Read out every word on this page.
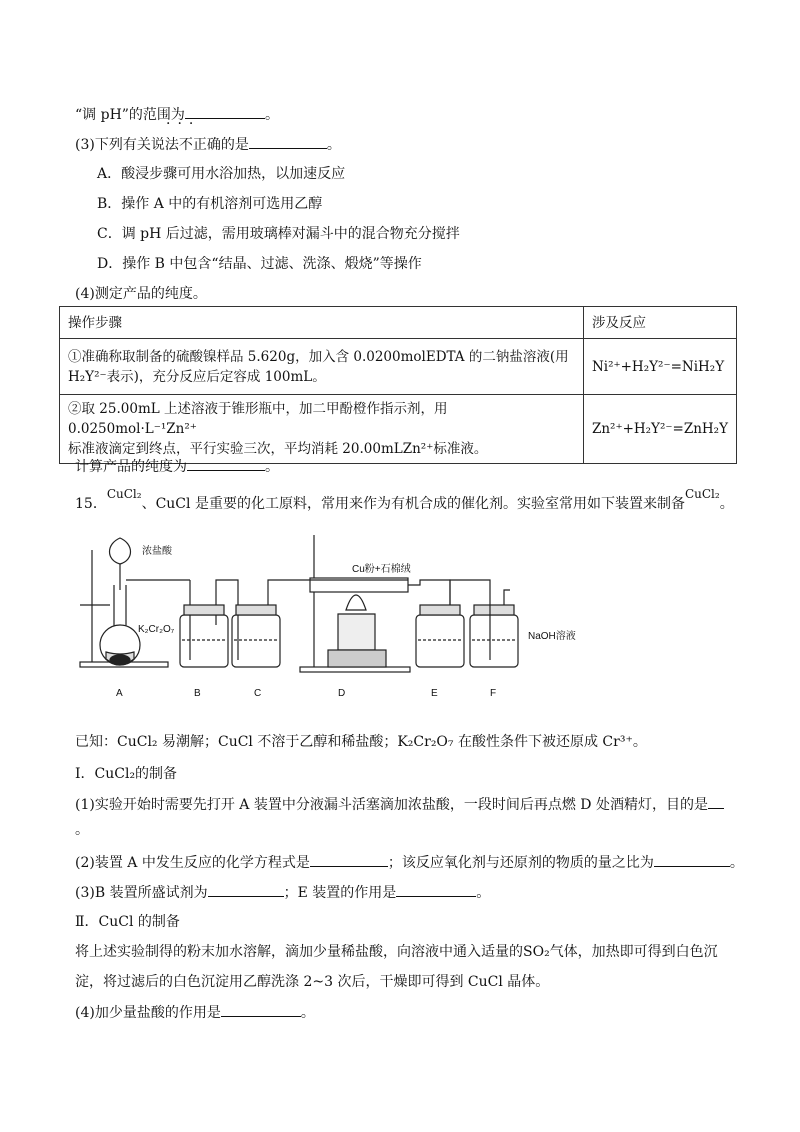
“调 pH”的范围为	。
···
(3)下列有关说法不正确的是	。
A．酸浸步骤可用水浴加热，以加速反应
B．操作 A 中的有机溶剂可选用乙醇
C．调 pH 后过滤，需用玻璃棒对漏斗中的混合物充分搅拌
D．操作 B 中包含“结晶、过滤、洗涤、煅烧”等操作
(4)测定产品的纯度。
操作步骤	涉及反应

①准确称取制备的硫酸镍样品 5.620g，加入含 0.0200molEDTA 的二钠盐溶液(用
H₂Y²⁻表示)，充分反应后定容成 100mL。	Ni²⁺+H₂Y²⁻=NiH₂Y

②取 25.00mL 上述溶液于锥形瓶中，加二甲酚橙作指示剂，用 0.0250mol·L⁻¹Zn²⁺
标准液滴定到终点，平行实验三次，平均消耗 20.00mLZn²⁺标准液。	Zn²⁺+H₂Y²⁻=ZnH₂Y
计算产品的纯度为	。
15．CuCl₂、CuCl 是重要的化工原料，常用来作为有机合成的催化剂。实验室常用如下装置来制备CuCl₂。
浓盐酸
K₂Cr₂O₇
Cu粉+石棉绒
NaOH溶液
A	B	C	D	E	F
已知：CuCl₂ 易潮解；CuCl 不溶于乙醇和稀盐酸；K₂Cr₂O₇ 在酸性条件下被还原成 Cr³⁺。
Ⅰ．CuCl₂的制备
(1)实验开始时需要先打开 A 装置中分液漏斗活塞滴加浓盐酸，一段时间后再点燃 D 处酒精灯，目的是
。
(2)装置 A 中发生反应的化学方程式是	；该反应氧化剂与还原剂的物质的量之比为	。
(3)B 装置所盛试剂为	；E 装置的作用是	。
Ⅱ．CuCl 的制备
将上述实验制得的粉末加水溶解，滴加少量稀盐酸，向溶液中通入适量的SO₂气体，加热即可得到白色沉
淀，将过滤后的白色沉淀用乙醇洗涤 2~3 次后，干燥即可得到 CuCl 晶体。
(4)加少量盐酸的作用是	。
